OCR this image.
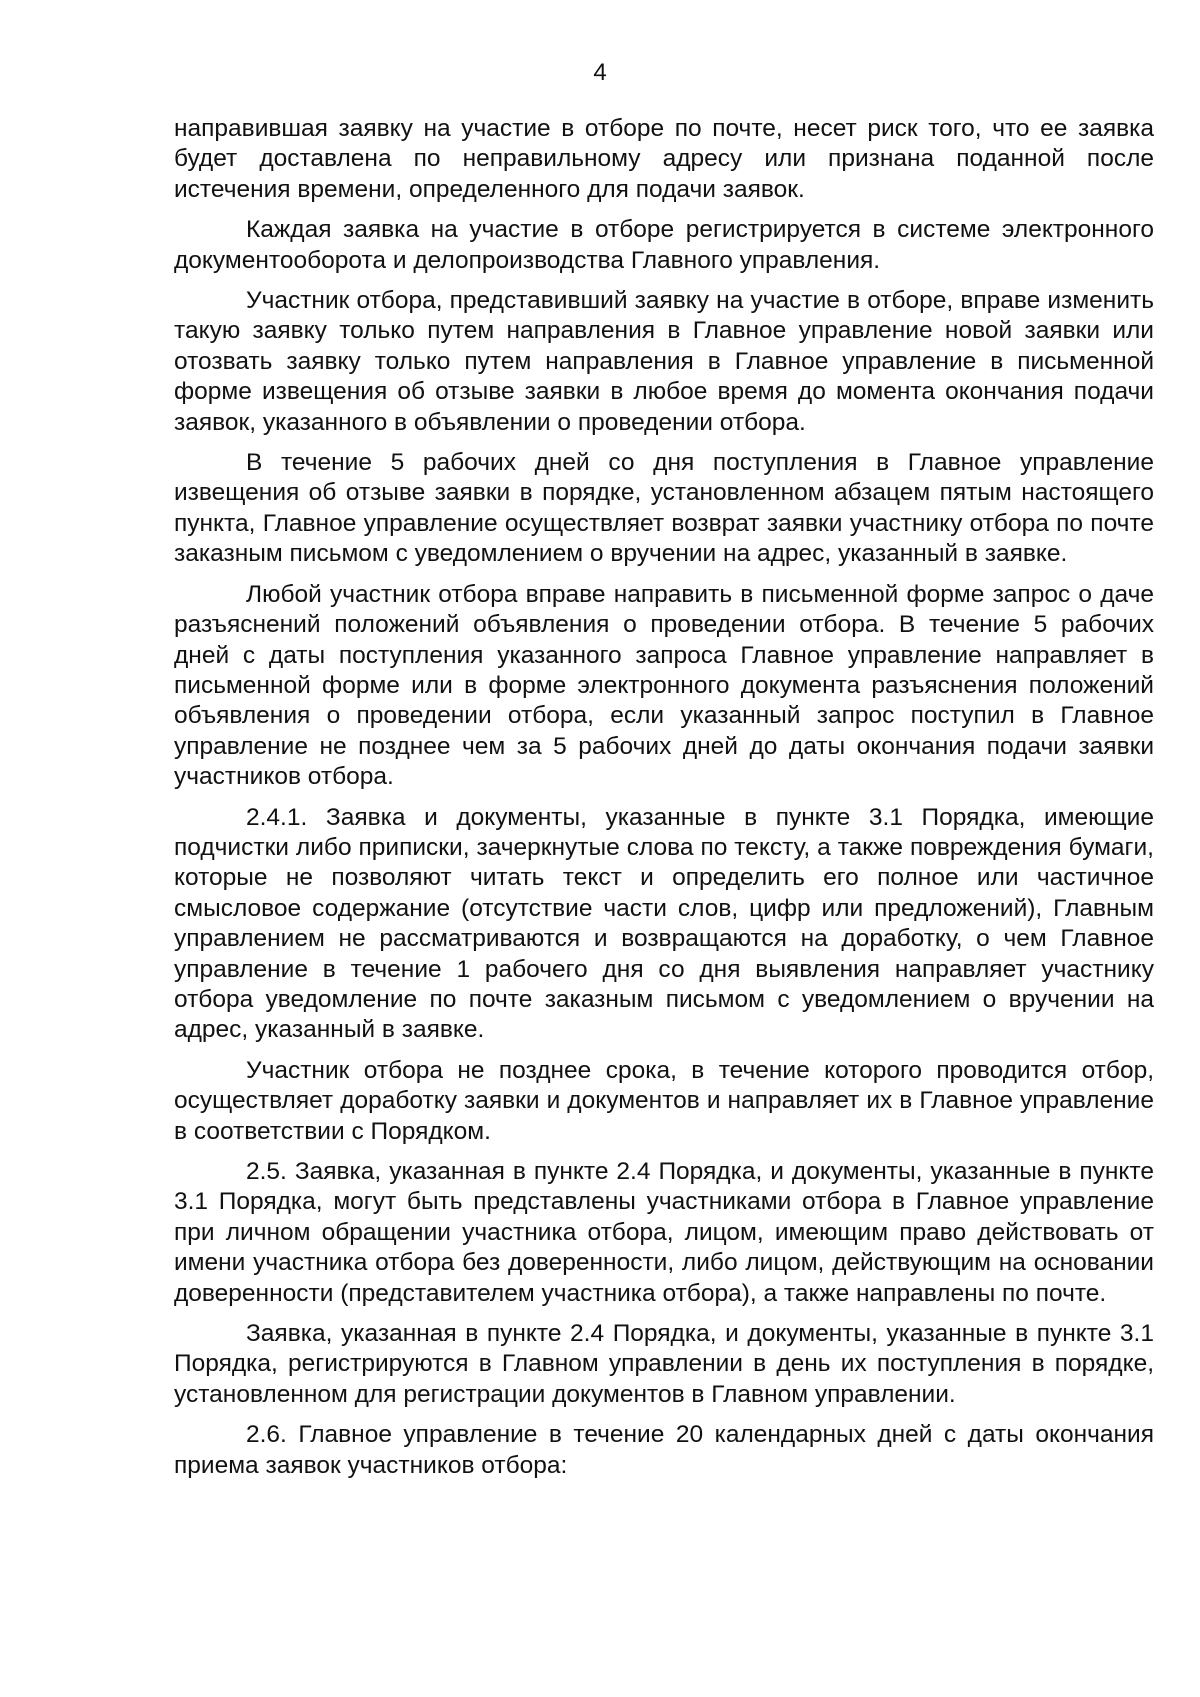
4

направившая заявку на участие в отборе по почте, несет риск того, что ее заявка будет доставлена по неправильному адресу или признана поданной после истечения времени, определенного для подачи заявок.

Каждая заявка на участие в отборе регистрируется в системе электронного документооборота и делопроизводства Главного управления.

Участник отбора, представивший заявку на участие в отборе, вправе изменить такую заявку только путем направления в Главное управление новой заявки или отозвать заявку только путем направления в Главное управление в письменной форме извещения об отзыве заявки в любое время до момента окончания подачи заявок, указанного в объявлении о проведении отбора.

В течение 5 рабочих дней со дня поступления в Главное управление извещения об отзыве заявки в порядке, установленном абзацем пятым настоящего пункта, Главное управление осуществляет возврат заявки участнику отбора по почте заказным письмом с уведомлением о вручении на адрес, указанный в заявке.

Любой участник отбора вправе направить в письменной форме запрос о даче разъяснений положений объявления о проведении отбора. В течение 5 рабочих дней с даты поступления указанного запроса Главное управление направляет в письменной форме или в форме электронного документа разъяснения положений объявления о проведении отбора, если указанный запрос поступил в Главное управление не позднее чем за 5 рабочих дней до даты окончания подачи заявки участников отбора.

2.4.1. Заявка и документы, указанные в пункте 3.1 Порядка, имеющие подчистки либо приписки, зачеркнутые слова по тексту, а также повреждения бумаги, которые не позволяют читать текст и определить его полное или частичное смысловое содержание (отсутствие части слов, цифр или предложений), Главным управлением не рассматриваются и возвращаются на доработку, о чем Главное управление в течение 1 рабочего дня со дня выявления направляет участнику отбора уведомление по почте заказным письмом с уведомлением о вручении на адрес, указанный в заявке.

Участник отбора не позднее срока, в течение которого проводится отбор, осуществляет доработку заявки и документов и направляет их в Главное управление в соответствии с Порядком.

2.5. Заявка, указанная в пункте 2.4 Порядка, и документы, указанные в пункте 3.1 Порядка, могут быть представлены участниками отбора в Главное управление при личном обращении участника отбора, лицом, имеющим право действовать от имени участника отбора без доверенности, либо лицом, действующим на основании доверенности (представителем участника отбора), а также направлены по почте.

Заявка, указанная в пункте 2.4 Порядка, и документы, указанные в пункте 3.1 Порядка, регистрируются в Главном управлении в день их поступления в порядке, установленном для регистрации документов в Главном управлении.

2.6. Главное управление в течение 20 календарных дней с даты окончания приема заявок участников отбора:
